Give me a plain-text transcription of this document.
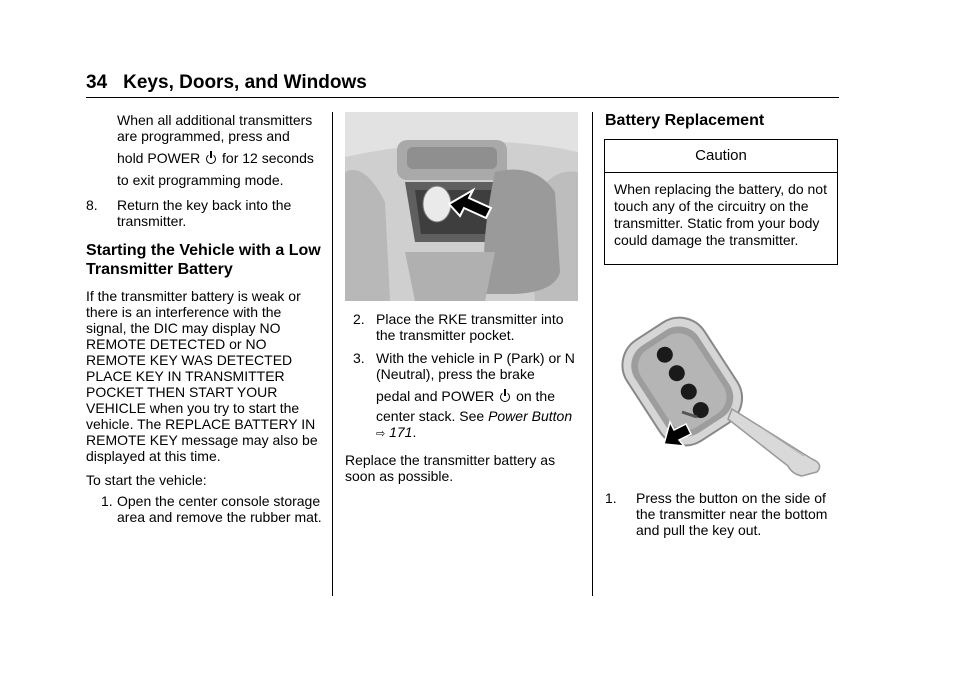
34 Keys, Doors, and Windows

When all additional transmitters are programmed, press and
hold POWER for 12 seconds
to exit programming mode.

8.	Return the key back into the transmitter.
Starting the Vehicle with a Low Transmitter Battery

If the transmitter battery is weak or there is an interference with the signal, the DIC may display NO REMOTE DETECTED or NO REMOTE KEY WAS DETECTED PLACE KEY IN TRANSMITTER POCKET THEN START YOUR VEHICLE when you try to start the vehicle. The REPLACE BATTERY IN REMOTE KEY message may also be displayed at this time.

To start the vehicle:

1. Open the center console storage area and remove the rubber mat.
2. Place the RKE transmitter into the transmitter pocket.
3. With the vehicle in P (Park) or N (Neutral), press the brake
pedal and POWER on the
center stack. See Power Button ⇨ 171.

Replace the transmitter battery as soon as possible.

Battery Replacement
Caution
When replacing the battery, do not touch any of the circuitry on the transmitter. Static from your body could damage the transmitter.
1.	Press the button on the side of the transmitter near the bottom and pull the key out.
